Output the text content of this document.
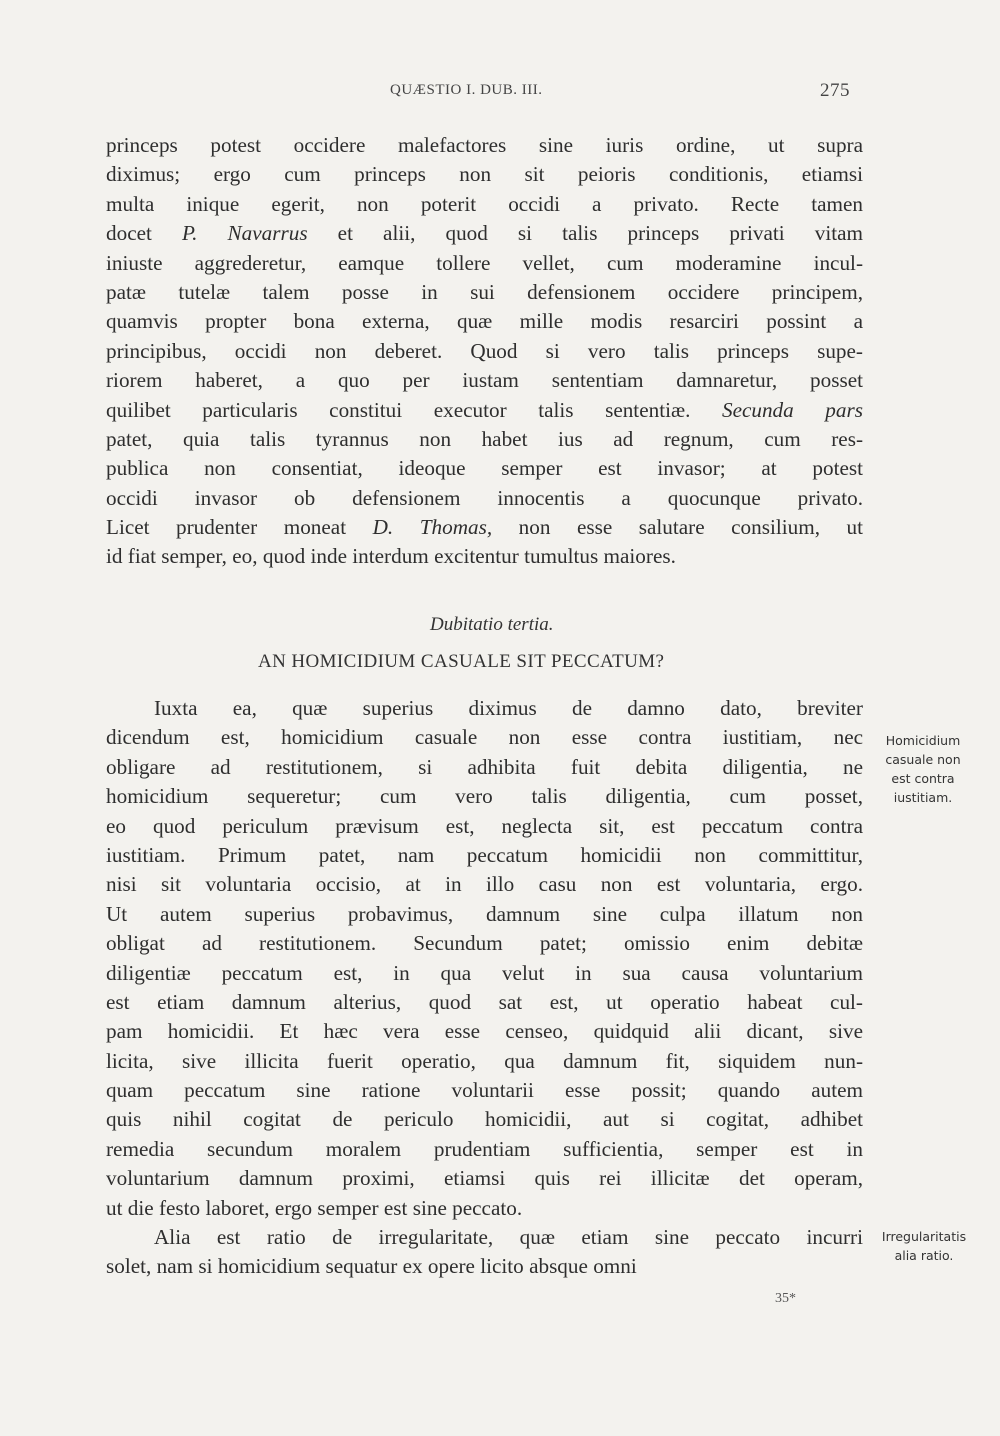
QUÆSTIO I. DUB. III.	275
princeps potest occidere malefactores sine iuris ordine, ut supra
diximus; ergo cum princeps non sit peioris conditionis, etiamsi
multa inique egerit, non poterit occidi a privato. Recte tamen
docet P. Navarrus et alii, quod si talis princeps privati vitam
iniuste aggrederetur, eamque tollere vellet, cum moderamine incul-
patæ tutelæ talem posse in sui defensionem occidere principem,
quamvis propter bona externa, quæ mille modis resarciri possint a
principibus, occidi non deberet. Quod si vero talis princeps supe-
riorem haberet, a quo per iustam sententiam damnaretur, posset
quilibet particularis constitui executor talis sententiæ. Secunda pars
patet, quia talis tyrannus non habet ius ad regnum, cum res-
publica non consentiat, ideoque semper est invasor; at potest
occidi invasor ob defensionem innocentis a quocunque privato.
Licet prudenter moneat D. Thomas, non esse salutare consilium, ut
id fiat semper, eo, quod inde interdum excitentur tumultus maiores.
Dubitatio tertia.
AN HOMICIDIUM CASUALE SIT PECCATUM?
Iuxta ea, quæ superius diximus de damno dato, breviter
dicendum est, homicidium casuale non esse contra iustitiam, nec
obligare ad restitutionem, si adhibita fuit debita diligentia, ne
homicidium sequeretur; cum vero talis diligentia, cum posset,
eo quod periculum prævisum est, neglecta sit, est peccatum contra
iustitiam. Primum patet, nam peccatum homicidii non committitur,
nisi sit voluntaria occisio, at in illo casu non est voluntaria, ergo.
Ut autem superius probavimus, damnum sine culpa illatum non
obligat ad restitutionem. Secundum patet; omissio enim debitæ
diligentiæ peccatum est, in qua velut in sua causa voluntarium
est etiam damnum alterius, quod sat est, ut operatio habeat cul-
pam homicidii. Et hæc vera esse censeo, quidquid alii dicant, sive
licita, sive illicita fuerit operatio, qua damnum fit, siquidem nun-
quam peccatum sine ratione voluntarii esse possit; quando autem
quis nihil cogitat de periculo homicidii, aut si cogitat, adhibet
remedia secundum moralem prudentiam sufficientia, semper est in
voluntarium damnum proximi, etiamsi quis rei illicitæ det operam,
ut die festo laboret, ergo semper est sine peccato.
Alia est ratio de irregularitate, quæ etiam sine peccato incurri
solet, nam si homicidium sequatur ex opere licito absque omni
Homicidium
casuale non
est contra
iustitiam.
Irregularitatis
alia ratio.
35*
